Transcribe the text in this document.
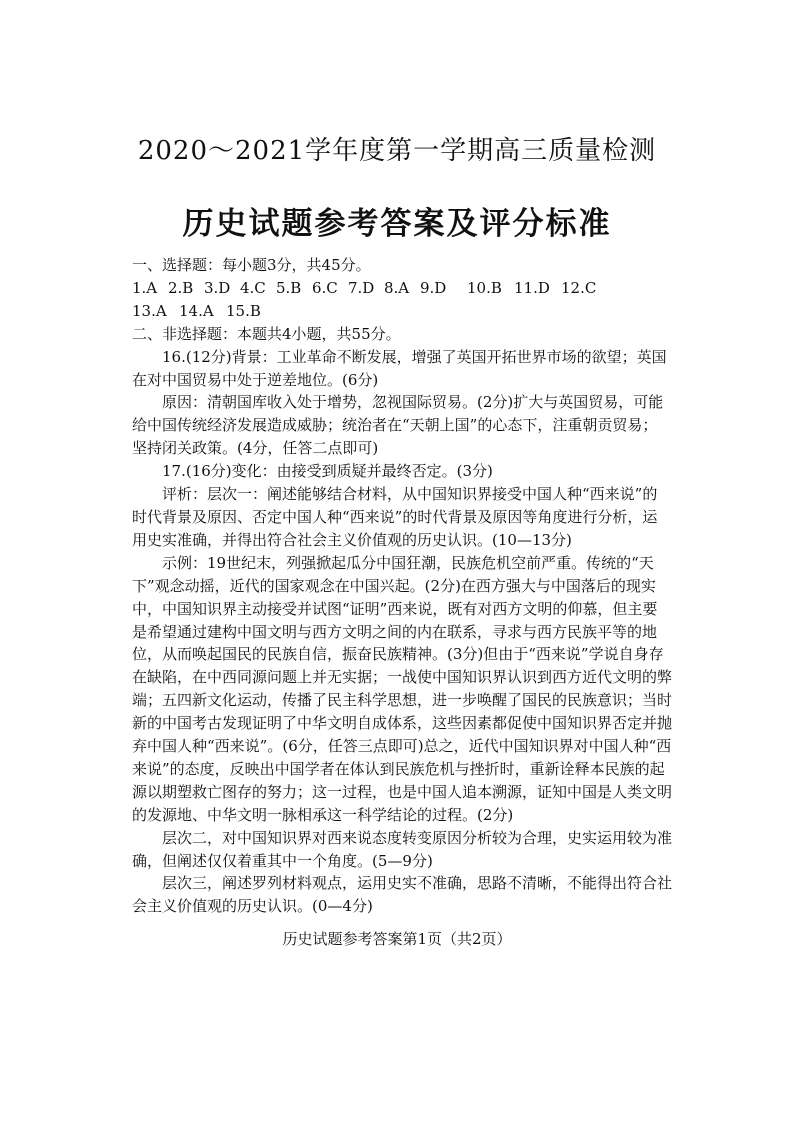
2020～2021学年度第一学期高三质量检测
历史试题参考答案及评分标准

一、选择题：每小题3分，共45分。

1.A 2.B 3.D 4.C 5.B 6.C 7.D 8.A 9.D 10.B 11.D 12.C

13.A 14.A 15.B

二、非选择题：本题共4小题，共55分。

16.(12分)背景：工业革命不断发展，增强了英国开拓世界市场的欲望；英国在对中国贸易中处于逆差地位。(6分)

原因：清朝国库收入处于增势，忽视国际贸易。(2分)扩大与英国贸易，可能给中国传统经济发展造成威胁；统治者在“天朝上国”的心态下，注重朝贡贸易；坚持闭关政策。(4分，任答二点即可)

17.(16分)变化：由接受到质疑并最终否定。(3分)

评析：层次一：阐述能够结合材料，从中国知识界接受中国人种“西来说”的时代背景及原因、否定中国人种“西来说”的时代背景及原因等角度进行分析，运用史实准确，并得出符合社会主义价值观的历史认识。(10—13分)

示例：19世纪末，列强掀起瓜分中国狂潮，民族危机空前严重。传统的“天下”观念动摇，近代的国家观念在中国兴起。(2分)在西方强大与中国落后的现实中，中国知识界主动接受并试图“证明”西来说，既有对西方文明的仰慕，但主要是希望通过建构中国文明与西方文明之间的内在联系，寻求与西方民族平等的地位，从而唤起国民的民族自信，振奋民族精神。(3分)但由于“西来说”学说自身存在缺陷，在中西同源问题上并无实据；一战使中国知识界认识到西方近代文明的弊端；五四新文化运动，传播了民主科学思想，进一步唤醒了国民的民族意识；当时新的中国考古发现证明了中华文明自成体系，这些因素都促使中国知识界否定并抛弃中国人种“西来说”。(6分，任答三点即可)总之，近代中国知识界对中国人种“西来说”的态度，反映出中国学者在体认到民族危机与挫折时，重新诠释本民族的起源以期塑救亡图存的努力；这一过程，也是中国人追本溯源，证知中国是人类文明的发源地、中华文明一脉相承这一科学结论的过程。(2分)

层次二，对中国知识界对西来说态度转变原因分析较为合理，史实运用较为准确，但阐述仅仅着重其中一个角度。(5—9分)

层次三，阐述罗列材料观点，运用史实不准确，思路不清晰，不能得出符合社会主义价值观的历史认识。(0—4分)

历史试题参考答案第1页（共2页）
